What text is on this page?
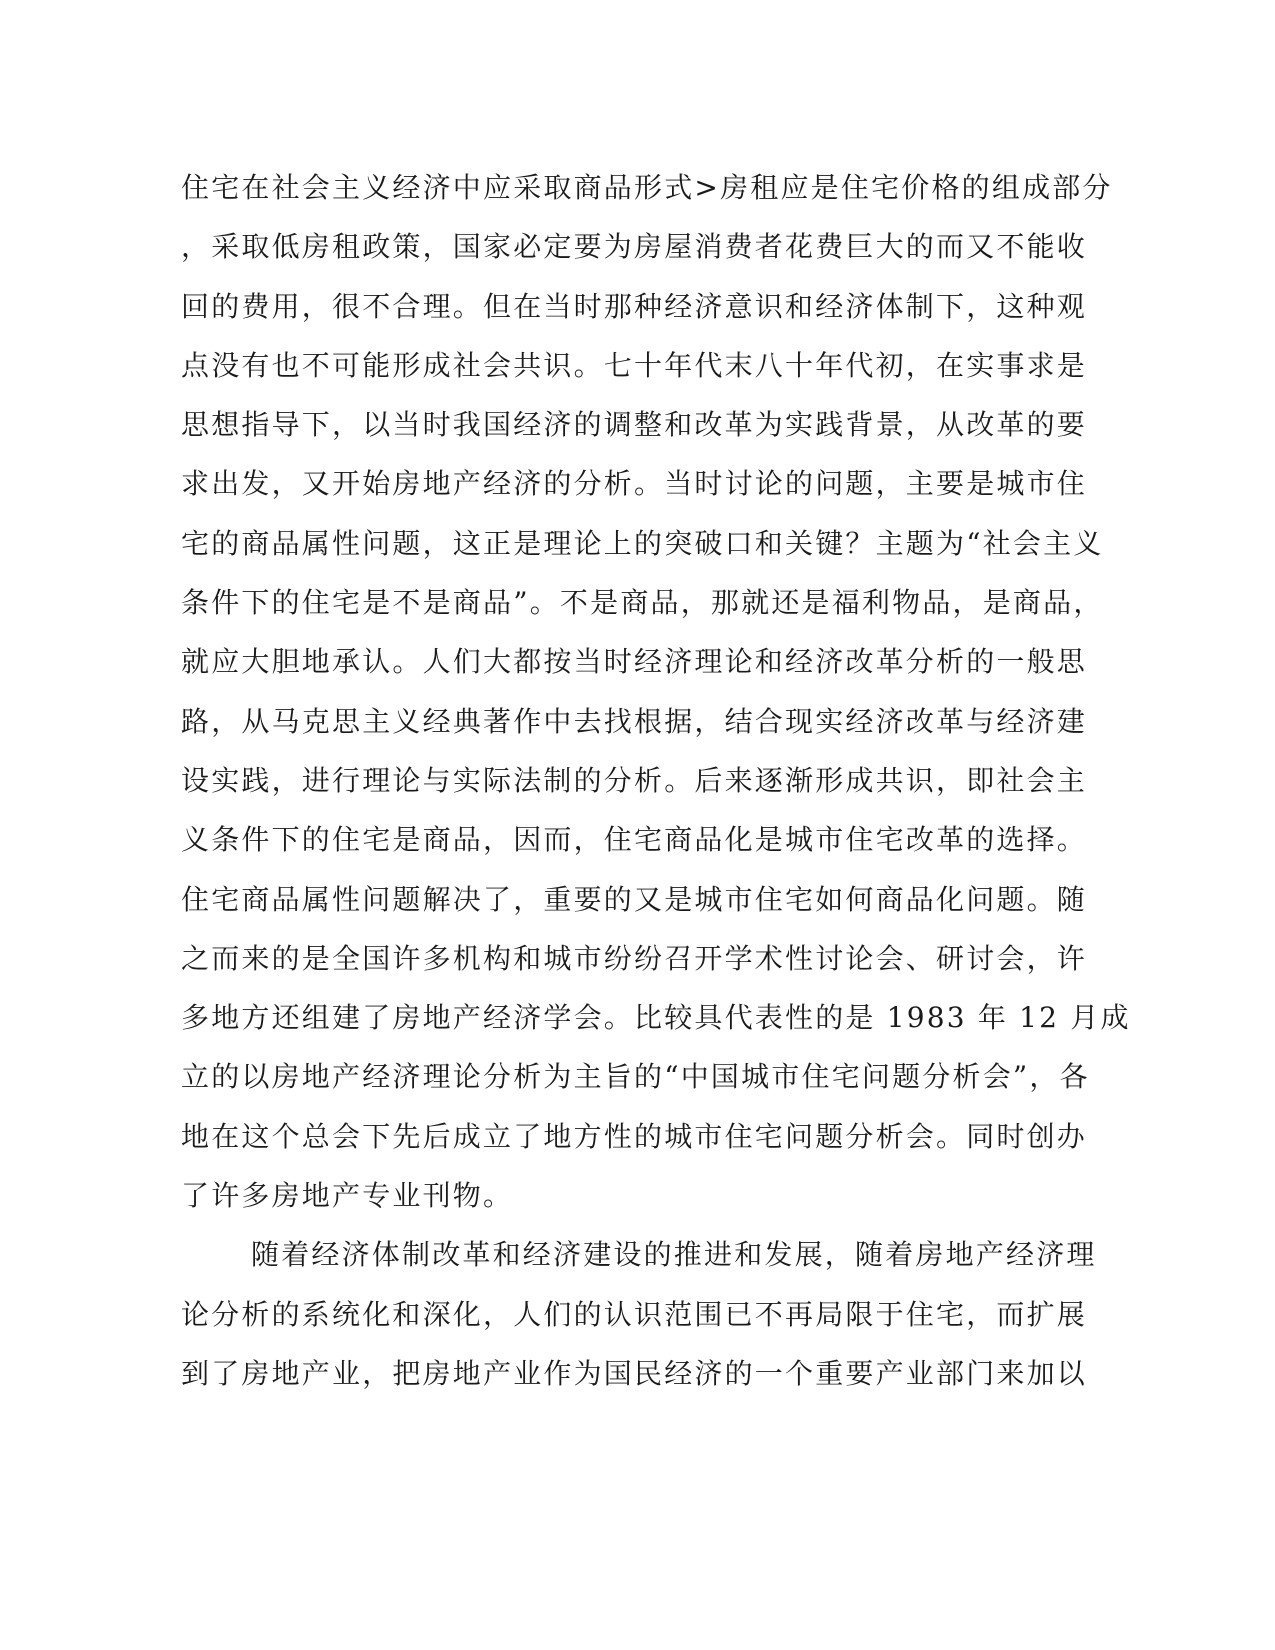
住宅在社会主义经济中应采取商品形式>房租应是住宅价格的组成部分
，采取低房租政策，国家必定要为房屋消费者花费巨大的而又不能收
回的费用，很不合理。但在当时那种经济意识和经济体制下，这种观
点没有也不可能形成社会共识。七十年代末八十年代初，在实事求是
思想指导下，以当时我国经济的调整和改革为实践背景，从改革的要
求出发，又开始房地产经济的分析。当时讨论的问题，主要是城市住
宅的商品属性问题，这正是理论上的突破口和关键？主题为“社会主义
条件下的住宅是不是商品”。不是商品，那就还是福利物品，是商品，
就应大胆地承认。人们大都按当时经济理论和经济改革分析的一般思
路，从马克思主义经典著作中去找根据，结合现实经济改革与经济建
设实践，进行理论与实际法制的分析。后来逐渐形成共识，即社会主
义条件下的住宅是商品，因而，住宅商品化是城市住宅改革的选择。
住宅商品属性问题解决了，重要的又是城市住宅如何商品化问题。随
之而来的是全国许多机构和城市纷纷召开学术性讨论会、研讨会，许
多地方还组建了房地产经济学会。比较具代表性的是 1983 年 12 月成
立的以房地产经济理论分析为主旨的“中国城市住宅问题分析会”，各
地在这个总会下先后成立了地方性的城市住宅问题分析会。同时创办
了许多房地产专业刊物。
随着经济体制改革和经济建设的推进和发展，随着房地产经济理
论分析的系统化和深化，人们的认识范围已不再局限于住宅，而扩展
到了房地产业，把房地产业作为国民经济的一个重要产业部门来加以
